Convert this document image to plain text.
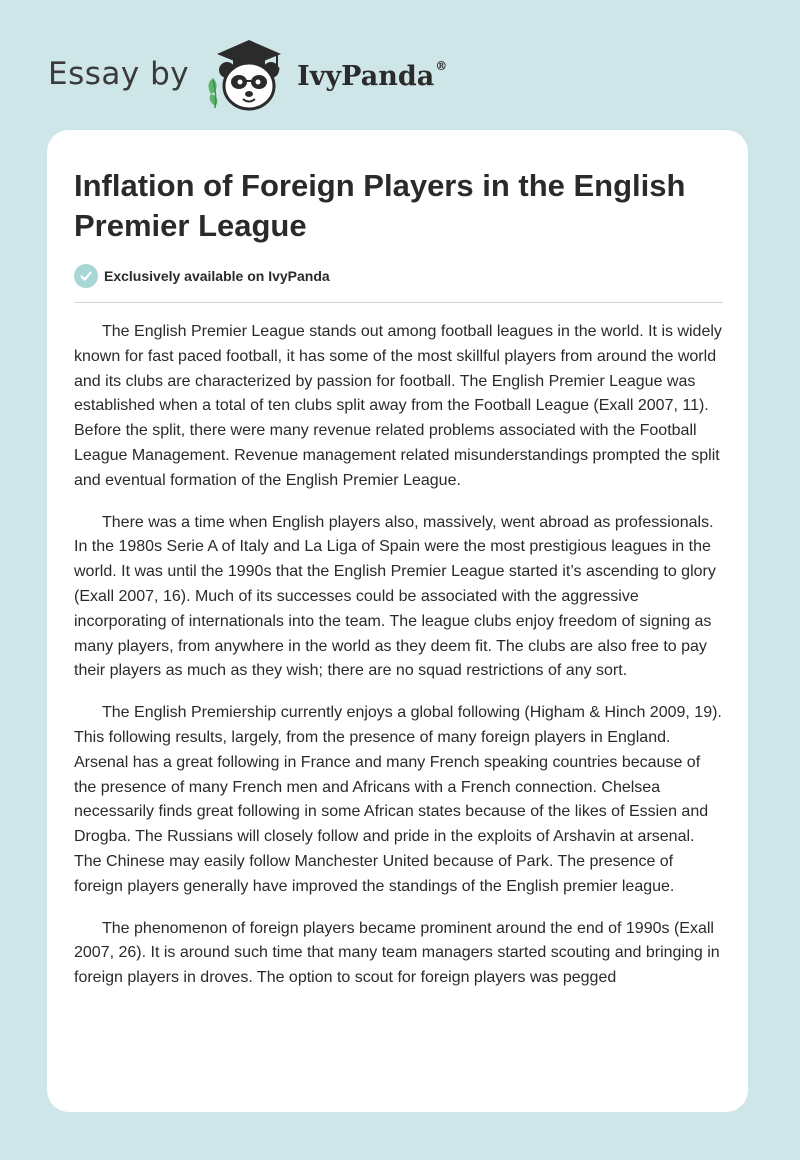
Essay by	IvyPanda®
Inflation of Foreign Players in the English Premier League
Exclusively available on IvyPanda

The English Premier League stands out among football leagues in the world. It is widely known for fast paced football, it has some of the most skillful players from around the world and its clubs are characterized by passion for football. The English Premier League was established when a total of ten clubs split away from the Football League (Exall 2007, 11). Before the split, there were many revenue related problems associated with the Football League Management. Revenue management related misunderstandings prompted the split and eventual formation of the English Premier League.

There was a time when English players also, massively, went abroad as professionals. In the 1980s Serie A of Italy and La Liga of Spain were the most prestigious leagues in the world. It was until the 1990s that the English Premier League started it’s ascending to glory (Exall 2007, 16). Much of its successes could be associated with the aggressive incorporating of internationals into the team. The league clubs enjoy freedom of signing as many players, from anywhere in the world as they deem fit. The clubs are also free to pay their players as much as they wish; there are no squad restrictions of any sort.

The English Premiership currently enjoys a global following (Higham & Hinch 2009, 19). This following results, largely, from the presence of many foreign players in England. Arsenal has a great following in France and many French speaking countries because of the presence of many French men and Africans with a French connection. Chelsea necessarily finds great following in some African states because of the likes of Essien and Drogba. The Russians will closely follow and pride in the exploits of Arshavin at arsenal. The Chinese may easily follow Manchester United because of Park. The presence of foreign players generally have improved the standings of the English premier league.

The phenomenon of foreign players became prominent around the end of 1990s (Exall 2007, 26). It is around such time that many team managers started scouting and bringing in foreign players in droves. The option to scout for foreign players was pegged
